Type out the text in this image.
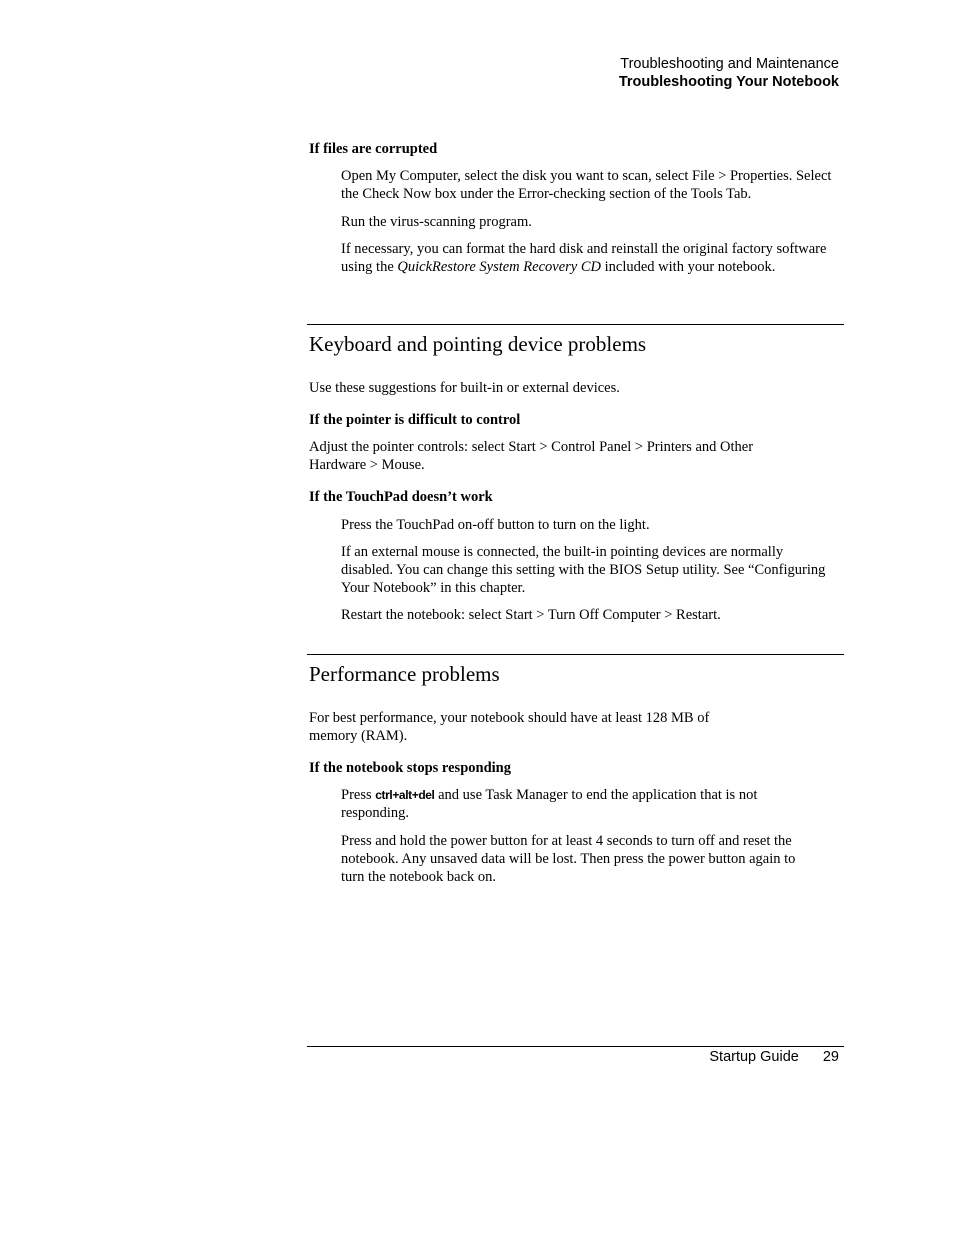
Troubleshooting and Maintenance
Troubleshooting Your Notebook

If files are corrupted

Open My Computer, select the disk you want to scan, select File > Properties. Select the Check Now box under the Error-checking section of the Tools Tab.

Run the virus-scanning program.

If necessary, you can format the hard disk and reinstall the original factory software using the QuickRestore System Recovery CD included with your notebook.

Keyboard and pointing device problems

Use these suggestions for built-in or external devices.

If the pointer is difficult to control

Adjust the pointer controls: select Start > Control Panel > Printers and Other Hardware > Mouse.

If the TouchPad doesn’t work

Press the TouchPad on-off button to turn on the light.

If an external mouse is connected, the built-in pointing devices are normally disabled. You can change this setting with the BIOS Setup utility. See “Configuring Your Notebook” in this chapter.

Restart the notebook: select Start > Turn Off Computer > Restart.

Performance problems

For best performance, your notebook should have at least 128 MB of memory (RAM).

If the notebook stops responding

Press ctrl+alt+del and use Task Manager to end the application that is not responding.

Press and hold the power button for at least 4 seconds to turn off and reset the notebook. Any unsaved data will be lost. Then press the power button again to turn the notebook back on.

Startup Guide 29
